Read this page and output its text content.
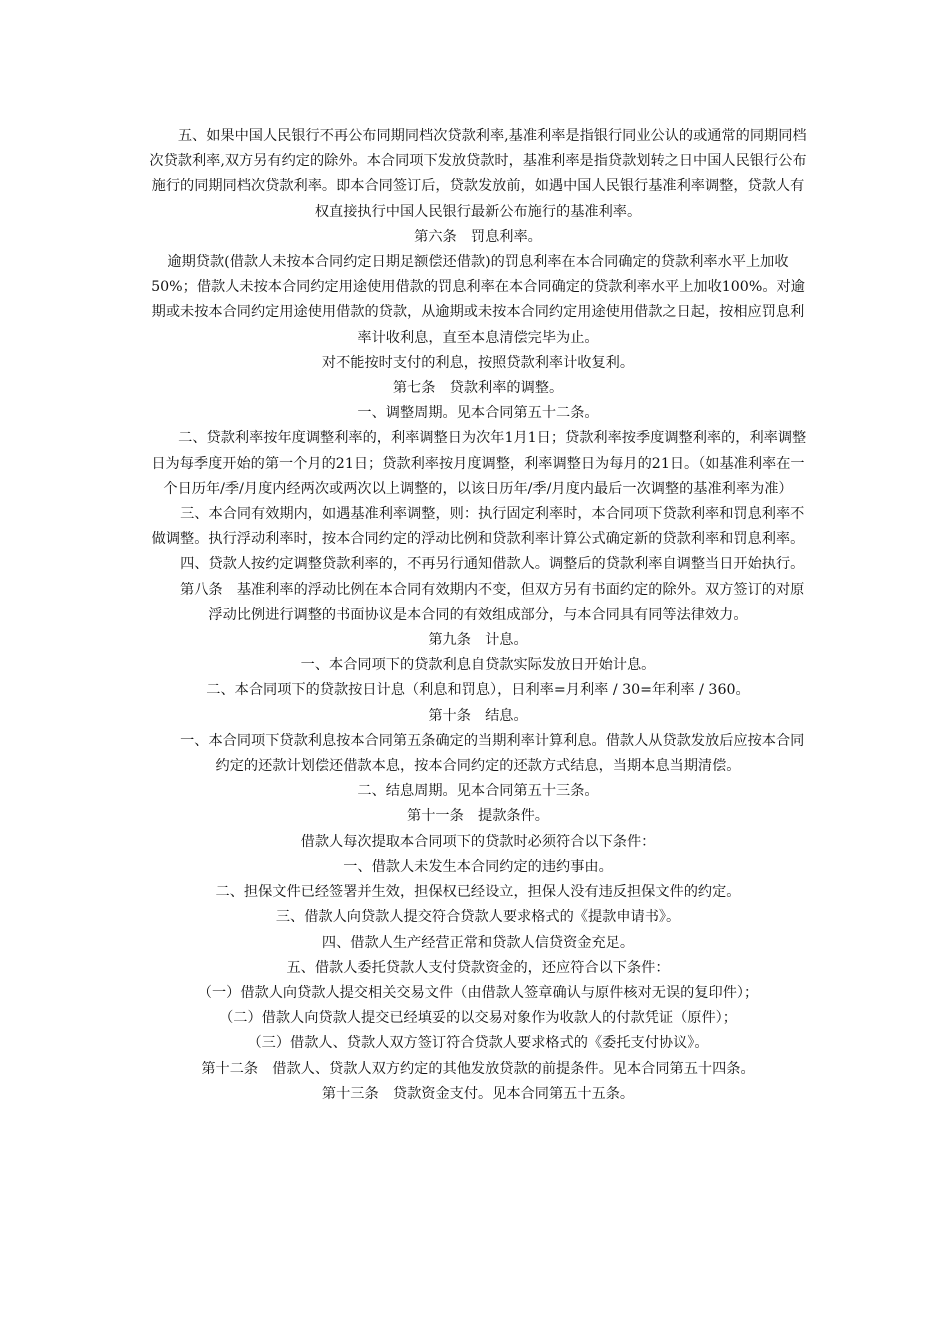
五、如果中国人民银行不再公布同期同档次贷款利率,基准利率是指银行同业公认的或通常的同期同档次贷款利率,双方另有约定的除外。本合同项下发放贷款时，基准利率是指贷款划转之日中国人民银行公布施行的同期同档次贷款利率。即本合同签订后，贷款发放前，如遇中国人民银行基准利率调整，贷款人有权直接执行中国人民银行最新公布施行的基准利率。

第六条 罚息利率。

逾期贷款(借款人未按本合同约定日期足额偿还借款)的罚息利率在本合同确定的贷款利率水平上加收50%；借款人未按本合同约定用途使用借款的罚息利率在本合同确定的贷款利率水平上加收100%。对逾期或未按本合同约定用途使用借款的贷款，从逾期或未按本合同约定用途使用借款之日起，按相应罚息利率计收利息，直至本息清偿完毕为止。

对不能按时支付的利息，按照贷款利率计收复利。

第七条 贷款利率的调整。

一、调整周期。见本合同第五十二条。

二、贷款利率按年度调整利率的，利率调整日为次年1月1日；贷款利率按季度调整利率的，利率调整日为每季度开始的第一个月的21日；贷款利率按月度调整，利率调整日为每月的21日。（如基准利率在一个日历年/季/月度内经两次或两次以上调整的，以该日历年/季/月度内最后一次调整的基准利率为准）

三、本合同有效期内，如遇基准利率调整，则：执行固定利率时，本合同项下贷款利率和罚息利率不做调整。执行浮动利率时，按本合同约定的浮动比例和贷款利率计算公式确定新的贷款利率和罚息利率。

四、贷款人按约定调整贷款利率的，不再另行通知借款人。调整后的贷款利率自调整当日开始执行。

第八条 基准利率的浮动比例在本合同有效期内不变，但双方另有书面约定的除外。双方签订的对原浮动比例进行调整的书面协议是本合同的有效组成部分，与本合同具有同等法律效力。

第九条 计息。

一、本合同项下的贷款利息自贷款实际发放日开始计息。

二、本合同项下的贷款按日计息（利息和罚息），日利率=月利率 / 30=年利率 / 360。

第十条 结息。

一、本合同项下贷款利息按本合同第五条确定的当期利率计算利息。借款人从贷款发放后应按本合同约定的还款计划偿还借款本息，按本合同约定的还款方式结息，当期本息当期清偿。

二、结息周期。见本合同第五十三条。

第十一条 提款条件。

借款人每次提取本合同项下的贷款时必须符合以下条件：

一、借款人未发生本合同约定的违约事由。

二、担保文件已经签署并生效，担保权已经设立，担保人没有违反担保文件的约定。

三、借款人向贷款人提交符合贷款人要求格式的《提款申请书》。

四、借款人生产经营正常和贷款人信贷资金充足。

五、借款人委托贷款人支付贷款资金的，还应符合以下条件：

（一）借款人向贷款人提交相关交易文件（由借款人签章确认与原件核对无误的复印件）；

（二）借款人向贷款人提交已经填妥的以交易对象作为收款人的付款凭证（原件）；

（三）借款人、贷款人双方签订符合贷款人要求格式的《委托支付协议》。

第十二条 借款人、贷款人双方约定的其他发放贷款的前提条件。见本合同第五十四条。

第十三条 贷款资金支付。见本合同第五十五条。
